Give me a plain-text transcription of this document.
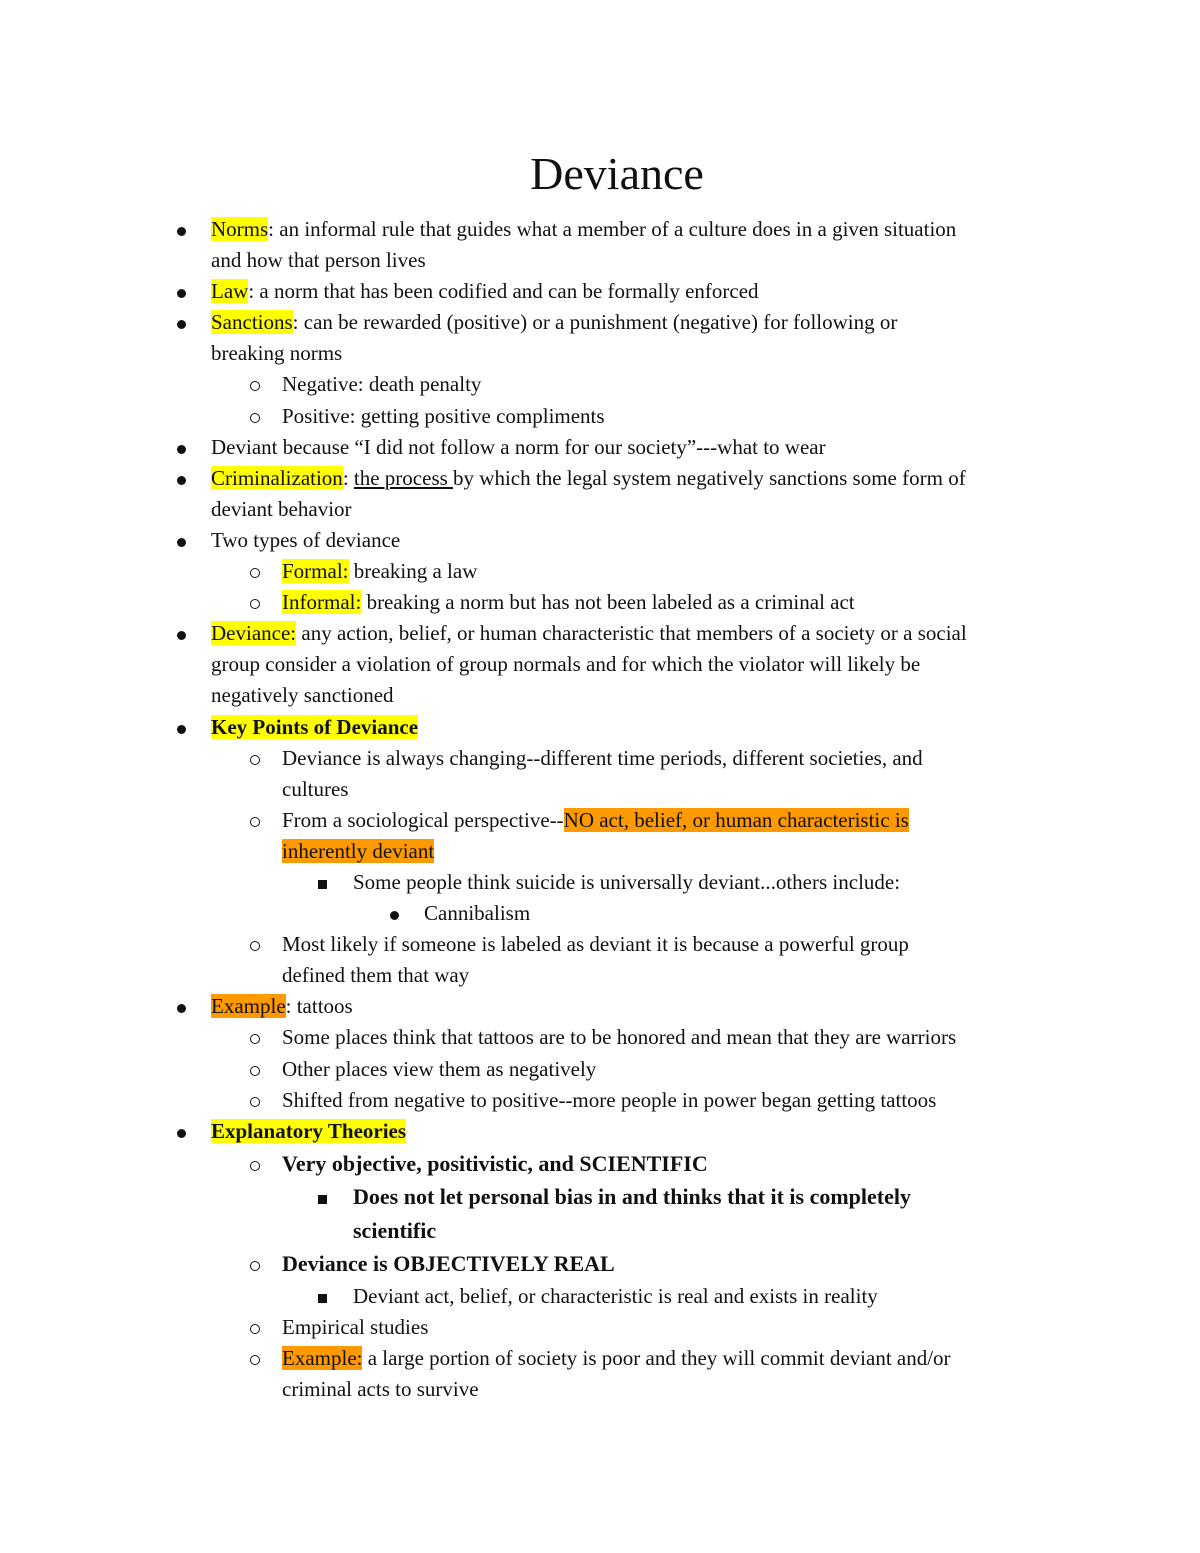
Deviance
Norms: an informal rule that guides what a member of a culture does in a given situation
and how that person lives
Law: a norm that has been codified and can be formally enforced
Sanctions: can be rewarded (positive) or a punishment (negative) for following or
breaking norms
Negative: death penalty
Positive: getting positive compliments
Deviant because “I did not follow a norm for our society”---what to wear
Criminalization: the process by which the legal system negatively sanctions some form of
deviant behavior
Two types of deviance
Formal: breaking a law
Informal: breaking a norm but has not been labeled as a criminal act
Deviance: any action, belief, or human characteristic that members of a society or a social
group consider a violation of group normals and for which the violator will likely be
negatively sanctioned
Key Points of Deviance
Deviance is always changing--different time periods, different societies, and
cultures
From a sociological perspective--NO act, belief, or human characteristic is
inherently deviant
Some people think suicide is universally deviant...others include:
Cannibalism
Most likely if someone is labeled as deviant it is because a powerful group
defined them that way
Example: tattoos
Some places think that tattoos are to be honored and mean that they are warriors
Other places view them as negatively
Shifted from negative to positive--more people in power began getting tattoos
Explanatory Theories
Very objective, positivistic, and SCIENTIFIC
Does not let personal bias in and thinks that it is completely
scientific
Deviance is OBJECTIVELY REAL
Deviant act, belief, or characteristic is real and exists in reality
Empirical studies
Example: a large portion of society is poor and they will commit deviant and/or
criminal acts to survive
